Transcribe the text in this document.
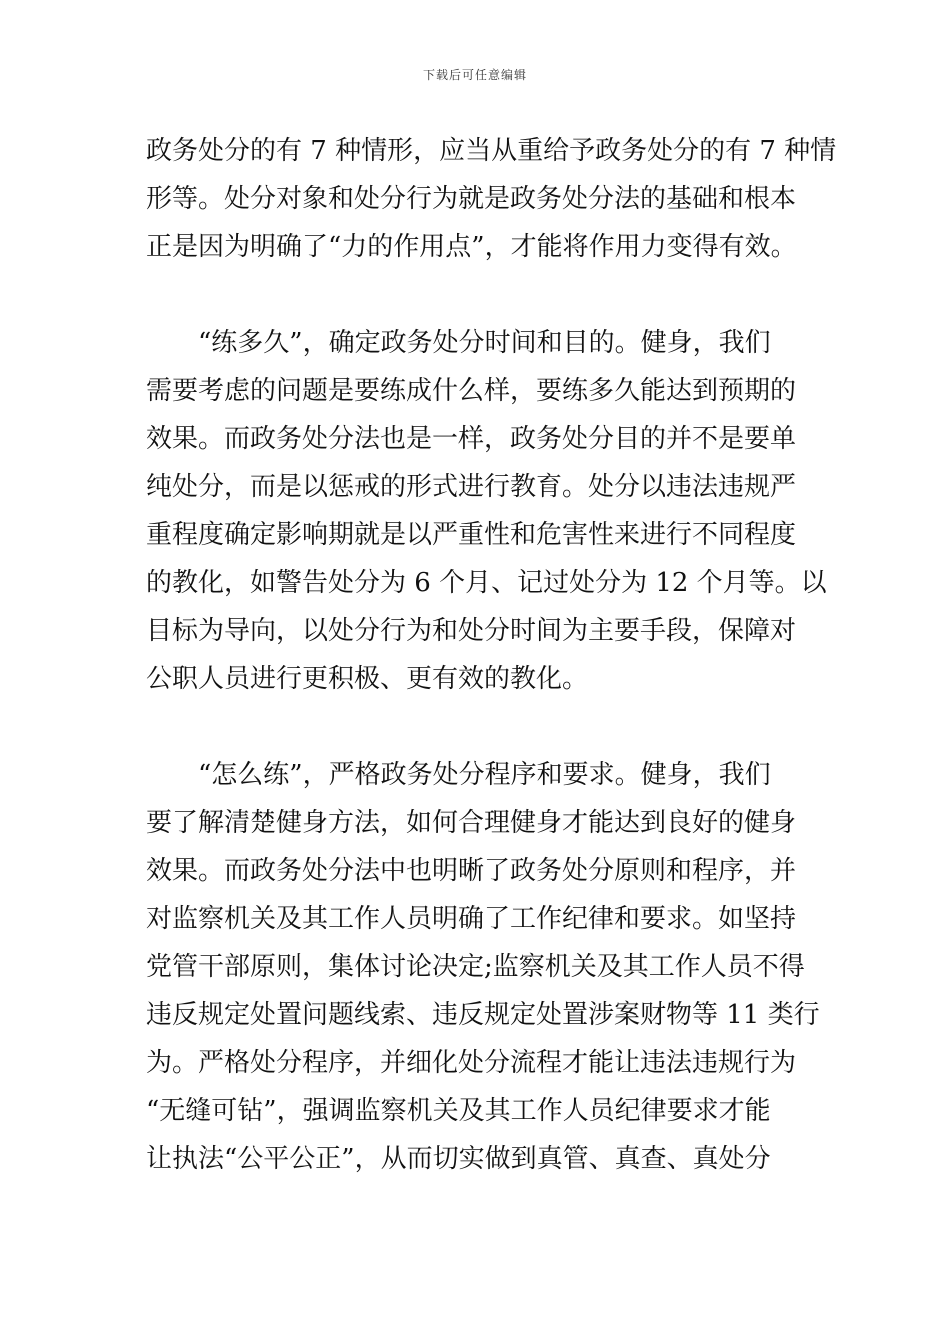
下载后可任意编辑
政务处分的有 7 种情形，应当从重给予政务处分的有 7 种情
形等。处分对象和处分行为就是政务处分法的基础和根本
正是因为明确了“力的作用点”，才能将作用力变得有效。
“练多久”，确定政务处分时间和目的。健身，我们
需要考虑的问题是要练成什么样，要练多久能达到预期的
效果。而政务处分法也是一样，政务处分目的并不是要单
纯处分，而是以惩戒的形式进行教育。处分以违法违规严
重程度确定影响期就是以严重性和危害性来进行不同程度
的教化，如警告处分为 6 个月、记过处分为 12 个月等。以
目标为导向，以处分行为和处分时间为主要手段，保障对
公职人员进行更积极、更有效的教化。
“怎么练”，严格政务处分程序和要求。健身，我们
要了解清楚健身方法，如何合理健身才能达到良好的健身
效果。而政务处分法中也明晰了政务处分原则和程序，并
对监察机关及其工作人员明确了工作纪律和要求。如坚持
党管干部原则，集体讨论决定;监察机关及其工作人员不得
违反规定处置问题线索、违反规定处置涉案财物等 11 类行
为。严格处分程序，并细化处分流程才能让违法违规行为
“无缝可钻”，强调监察机关及其工作人员纪律要求才能
让执法“公平公正”，从而切实做到真管、真查、真处分
